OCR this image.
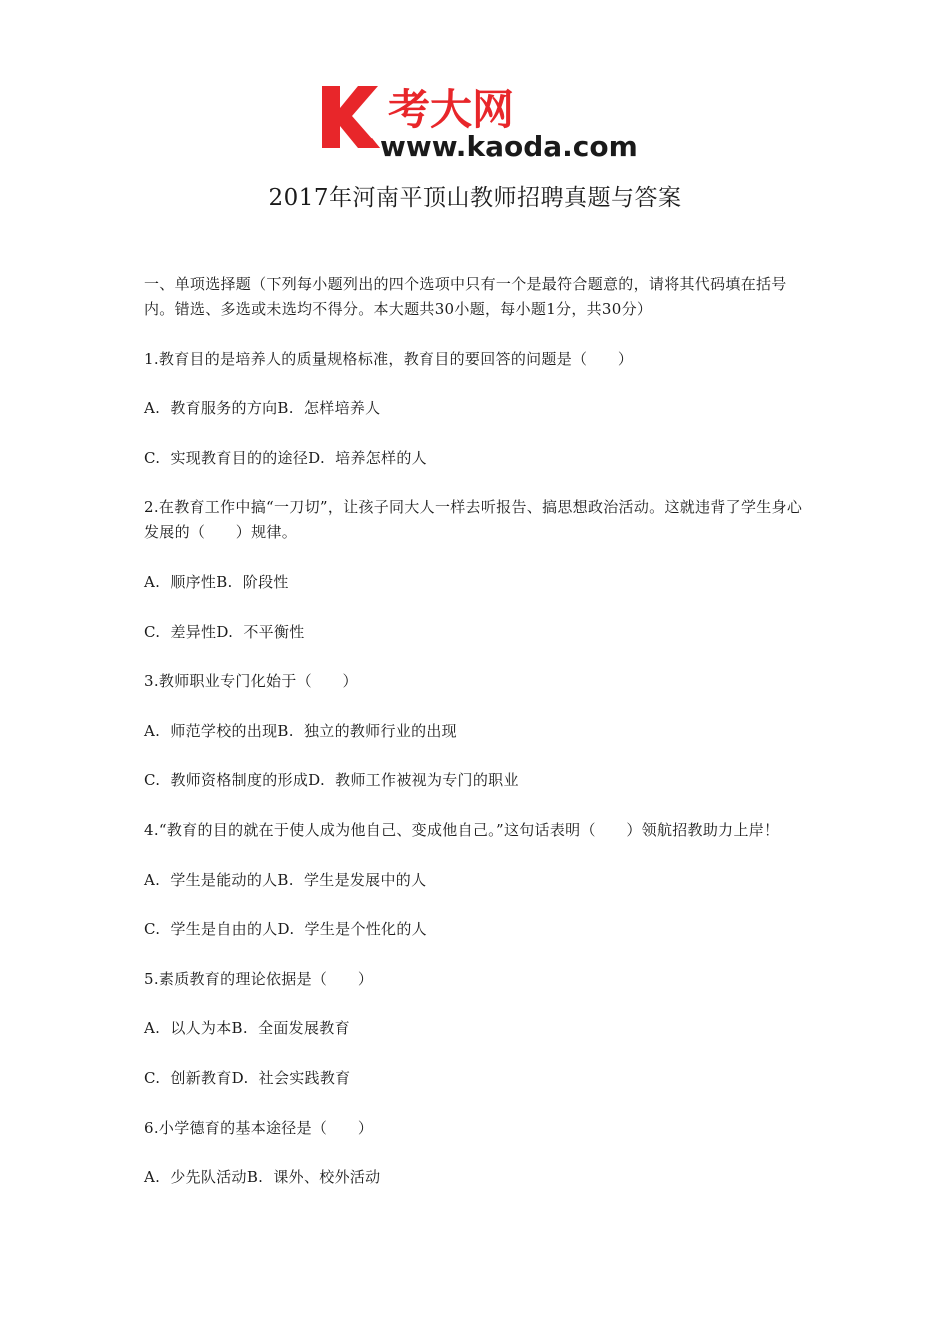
考大网
www.kaoda.com
2017年河南平顶山教师招聘真题与答案
一、单项选择题（下列每小题列出的四个选项中只有一个是最符合题意的，请将其代码填在括号内。错选、多选或未选均不得分。本大题共30小题，每小题1分，共30分）
1.教育目的是培养人的质量规格标准，教育目的要回答的问题是（　　）
A.  教育服务的方向B.  怎样培养人
C.  实现教育目的的途径D.  培养怎样的人
2.在教育工作中搞“一刀切”，让孩子同大人一样去听报告、搞思想政治活动。这就违背了学生身心发展的（　　）规律。
A.  顺序性B.  阶段性
C.  差异性D.  不平衡性
3.教师职业专门化始于（　　）
A.  师范学校的出现B.  独立的教师行业的出现
C.  教师资格制度的形成D.  教师工作被视为专门的职业
4.“教育的目的就在于使人成为他自己、变成他自己。”这句话表明（　　）领航招教助力上岸！
A.  学生是能动的人B.  学生是发展中的人
C.  学生是自由的人D.  学生是个性化的人
5.素质教育的理论依据是（　　）
A.  以人为本B.  全面发展教育
C.  创新教育D.  社会实践教育
6.小学德育的基本途径是（　　）
A.  少先队活动B.  课外、校外活动
